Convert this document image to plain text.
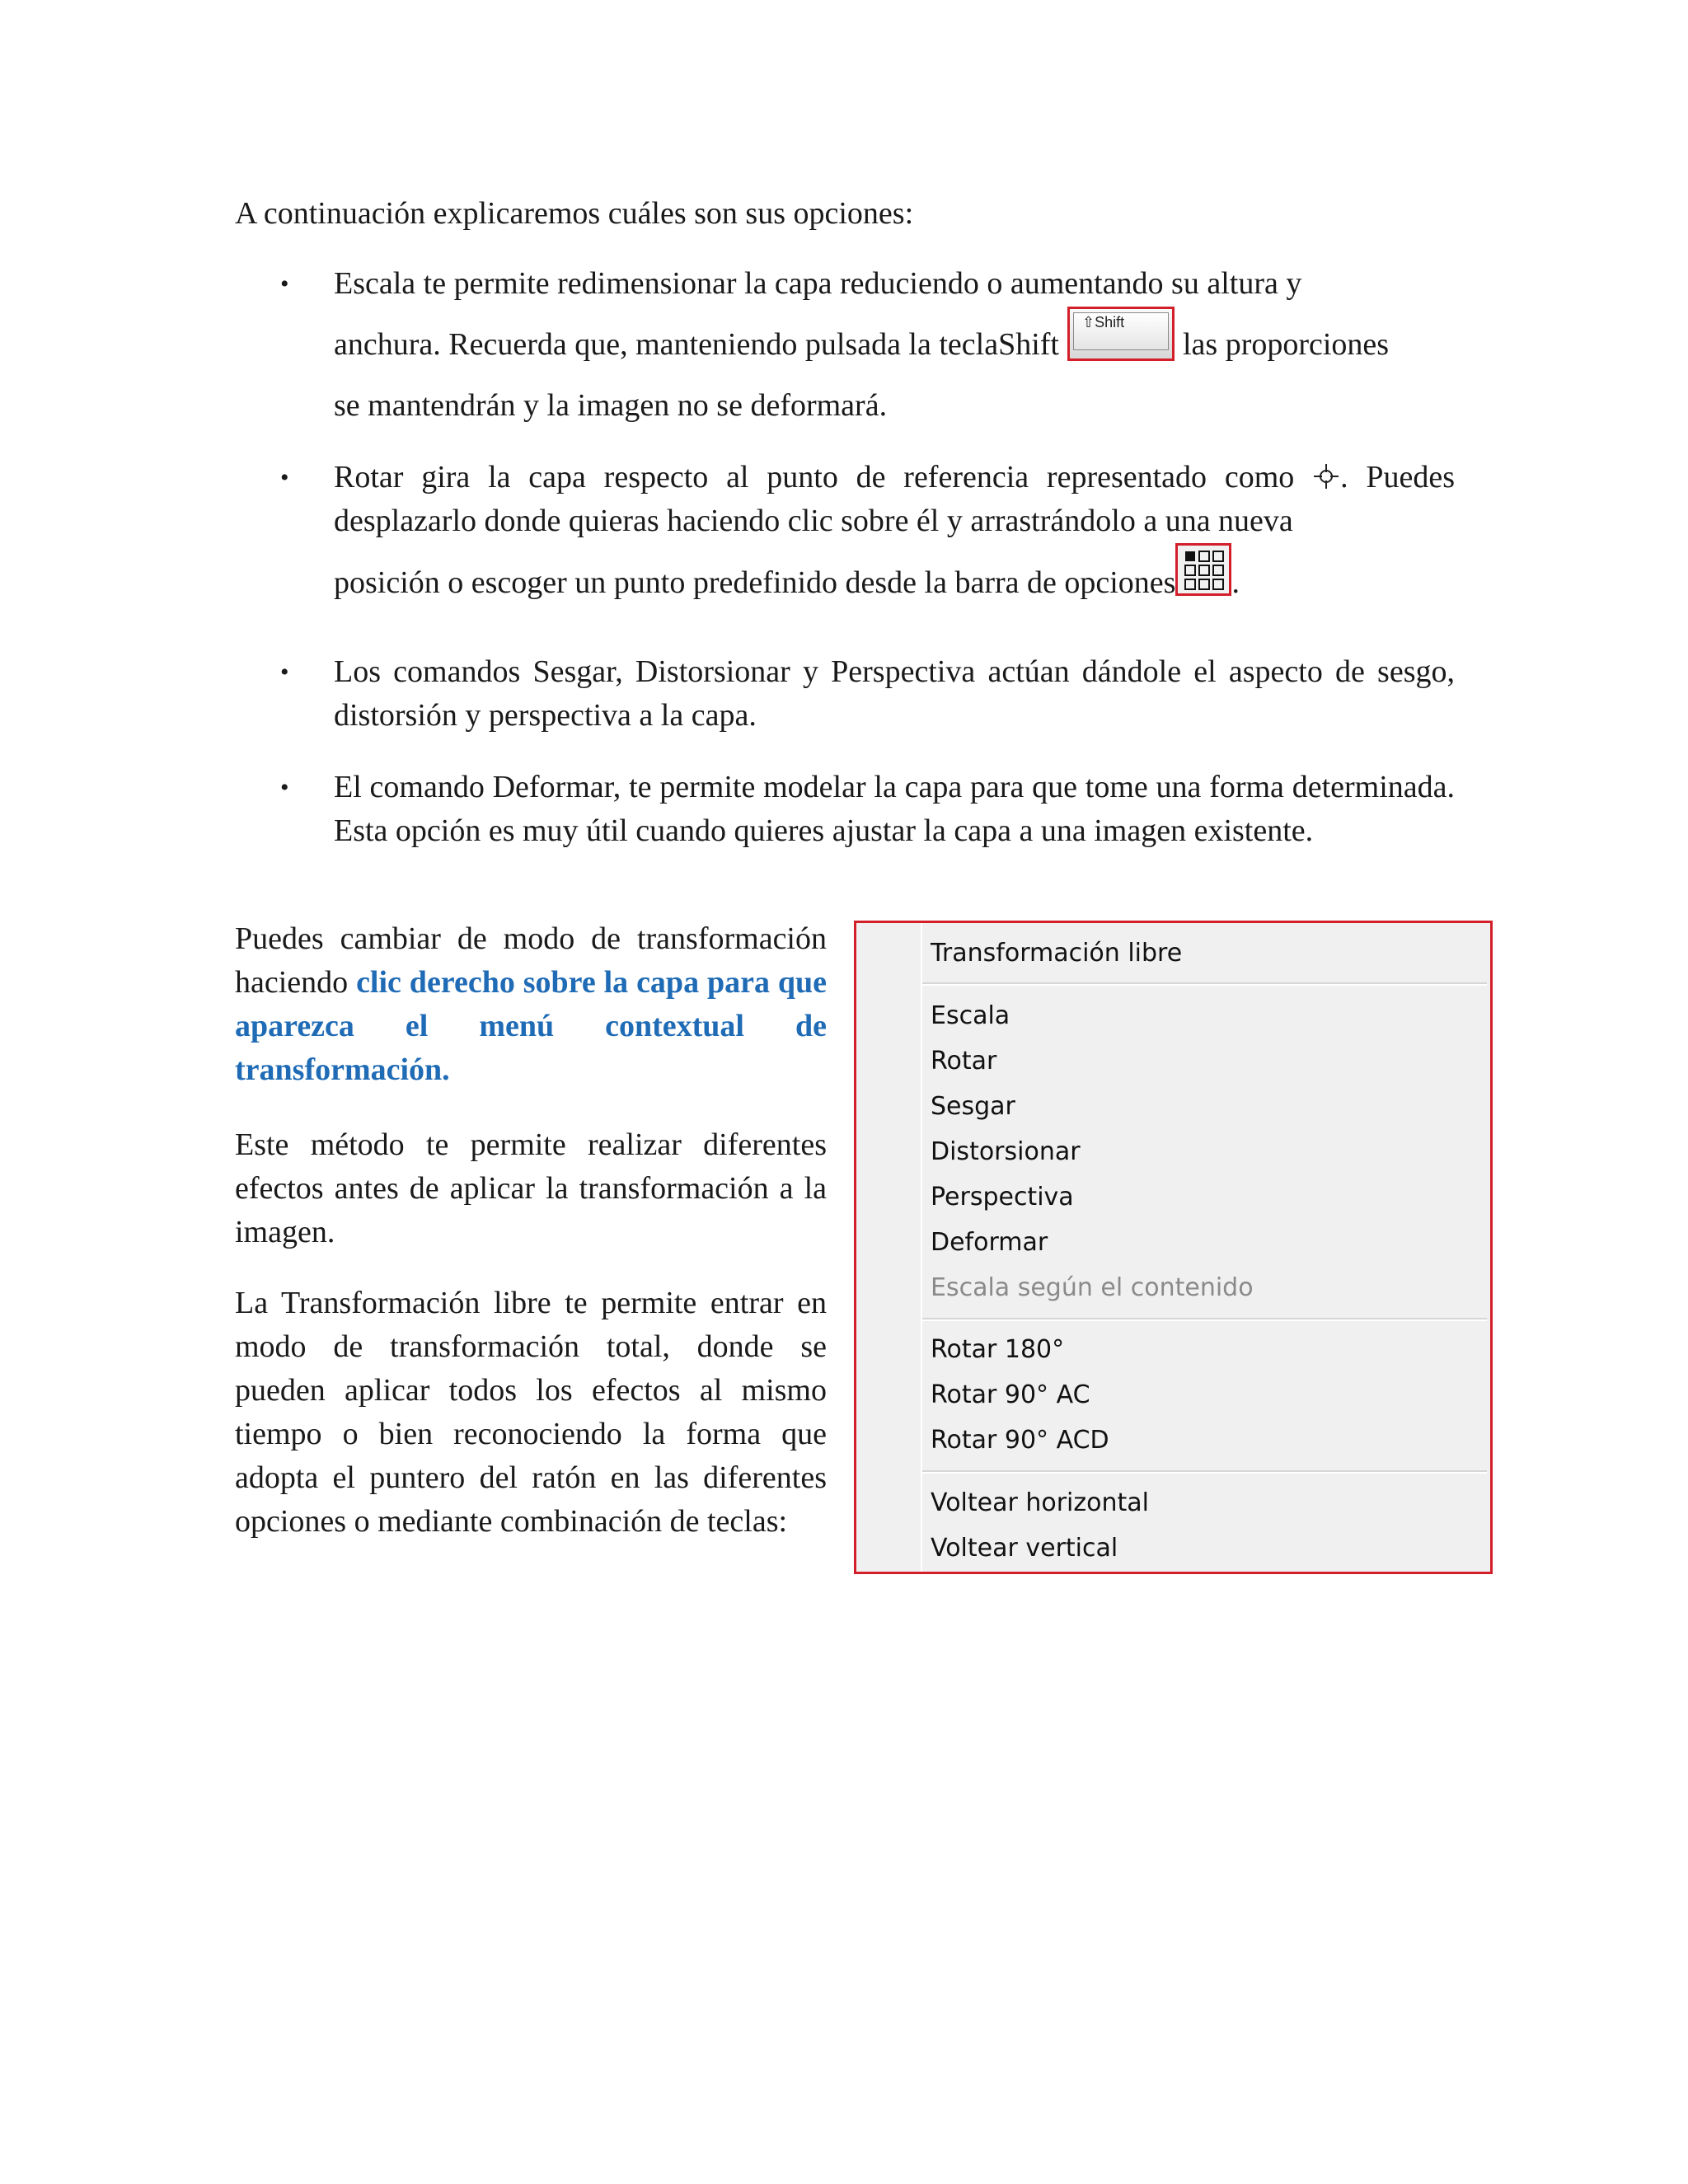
A continuación explicaremos cuáles son sus opciones:

• Escala te permite redimensionar la capa reduciendo o aumentando su altura y
anchura. Recuerda que, manteniendo pulsada la teclaShift
⇧Shift
las proporciones
se mantendrán y la imagen no se deformará.
• Rotar gira la capa respecto al punto de referencia representado como . Puedes desplazarlo donde quieras haciendo clic sobre él y arrastrándolo a una nueva
posición o escoger un punto predefinido desde la barra de opciones .
• Los comandos Sesgar, Distorsionar y Perspectiva actúan dándole el aspecto de sesgo, distorsión y perspectiva a la capa.
• El comando Deformar, te permite modelar la capa para que tome una forma determinada. Esta opción es muy útil cuando quieres ajustar la capa a una imagen existente.

Puedes cambiar de modo de transformación haciendo clic derecho sobre la capa para que aparezca el menú contextual de transformación.

Este método te permite realizar diferentes efectos antes de aplicar la transformación a la imagen.

La Transformación libre te permite entrar en modo de transformación total, donde se pueden aplicar todos los efectos al mismo tiempo o bien reconociendo la forma que adopta el puntero del ratón en las diferentes opciones o mediante combinación de teclas:

Transformación libre
Escala
Rotar
Sesgar
Distorsionar
Perspectiva
Deformar
Escala según el contenido
Rotar 180°
Rotar 90° AC
Rotar 90° ACD
Voltear horizontal
Voltear vertical
